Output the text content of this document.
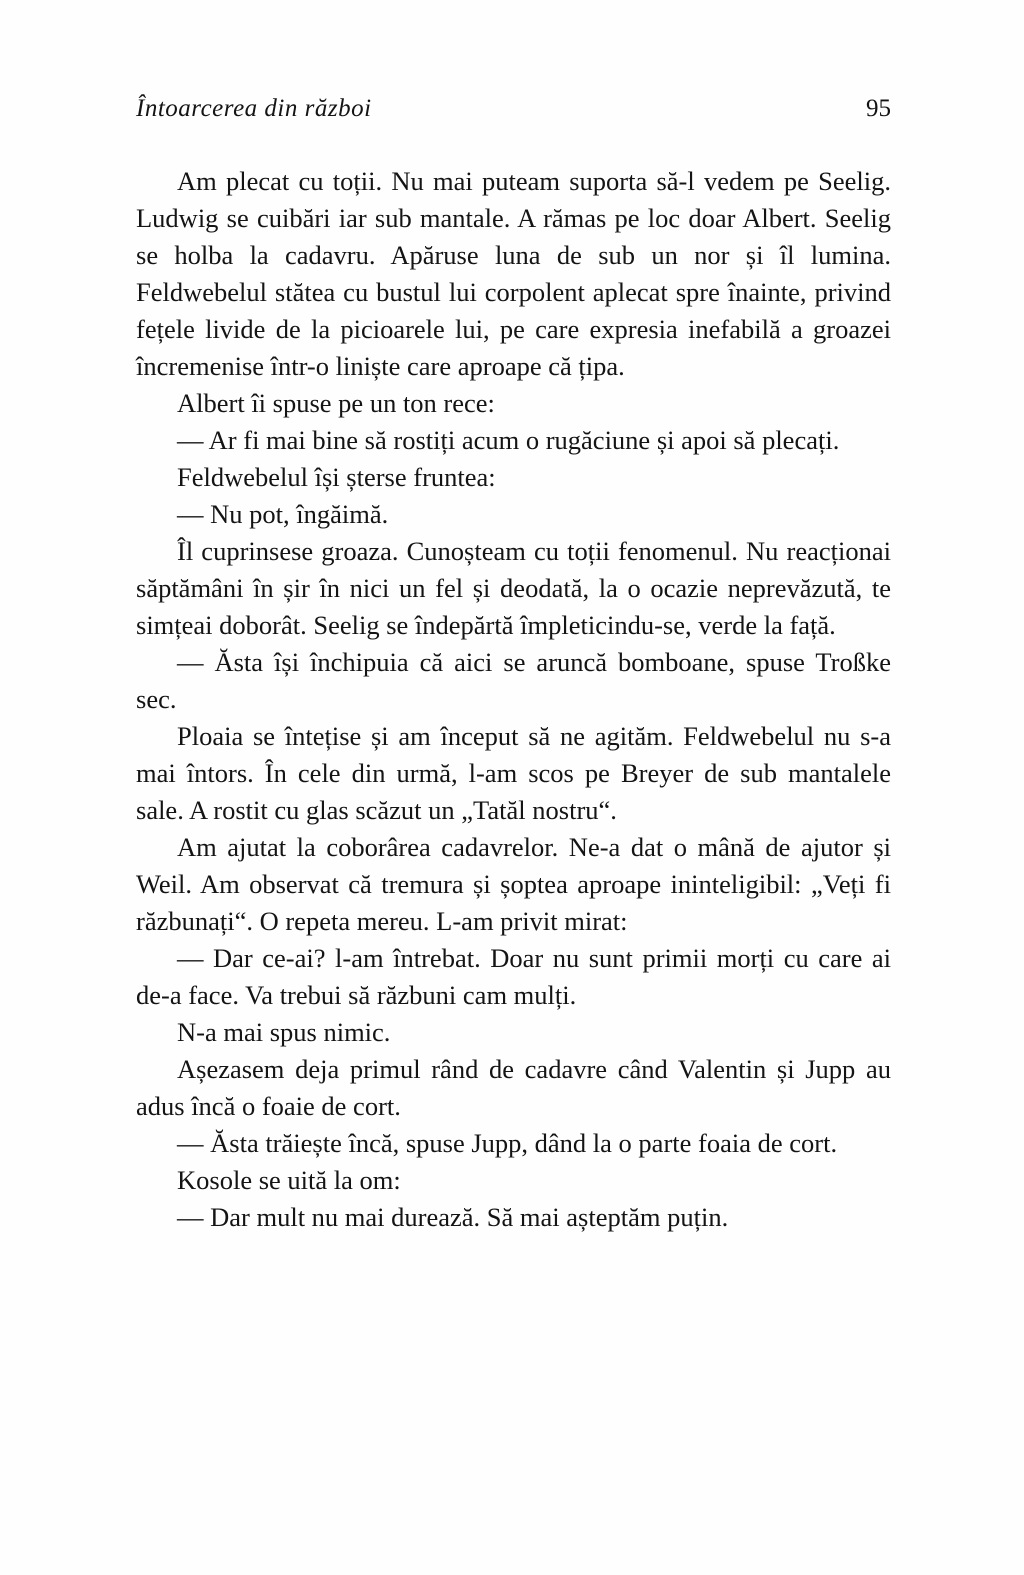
Întoarcerea din război	95

Am plecat cu toții. Nu mai puteam suporta să-l vedem pe Seelig. Ludwig se cuibări iar sub mantale. A rămas pe loc doar Albert. Seelig se holba la cadavru. Apăruse luna de sub un nor și îl lumina. Feldwebelul stătea cu bustul lui corpolent aplecat spre înainte, privind fețele livide de la picioarele lui, pe care expresia inefabilă a groazei încremenise într-o liniște care aproape că țipa.

Albert îi spuse pe un ton rece:

— Ar fi mai bine să rostiți acum o rugăciune și apoi să plecați.

Feldwebelul își șterse fruntea:

— Nu pot, îngăimă.

Îl cuprinsese groaza. Cunoșteam cu toții fenomenul. Nu reacționai săptămâni în șir în nici un fel și deodată, la o ocazie neprevăzută, te simțeai doborât. Seelig se îndepărtă împleticindu-se, verde la față.

— Ăsta își închipuia că aici se aruncă bomboane, spuse Troßke sec.

Ploaia se întețise și am început să ne agităm. Feldwebelul nu s-a mai întors. În cele din urmă, l-am scos pe Breyer de sub mantalele sale. A rostit cu glas scăzut un „Tatăl nostru“.

Am ajutat la coborârea cadavrelor. Ne-a dat o mână de ajutor și Weil. Am observat că tremura și șoptea aproape ininteligibil: „Veți fi răzbunați“. O repeta mereu. L-am privit mirat:

— Dar ce-ai? l-am întrebat. Doar nu sunt primii morți cu care ai de-a face. Va trebui să răzbuni cam mulți.

N-a mai spus nimic.

Așezasem deja primul rând de cadavre când Valentin și Jupp au adus încă o foaie de cort.

— Ăsta trăiește încă, spuse Jupp, dând la o parte foaia de cort.

Kosole se uită la om:

— Dar mult nu mai durează. Să mai așteptăm puțin.
